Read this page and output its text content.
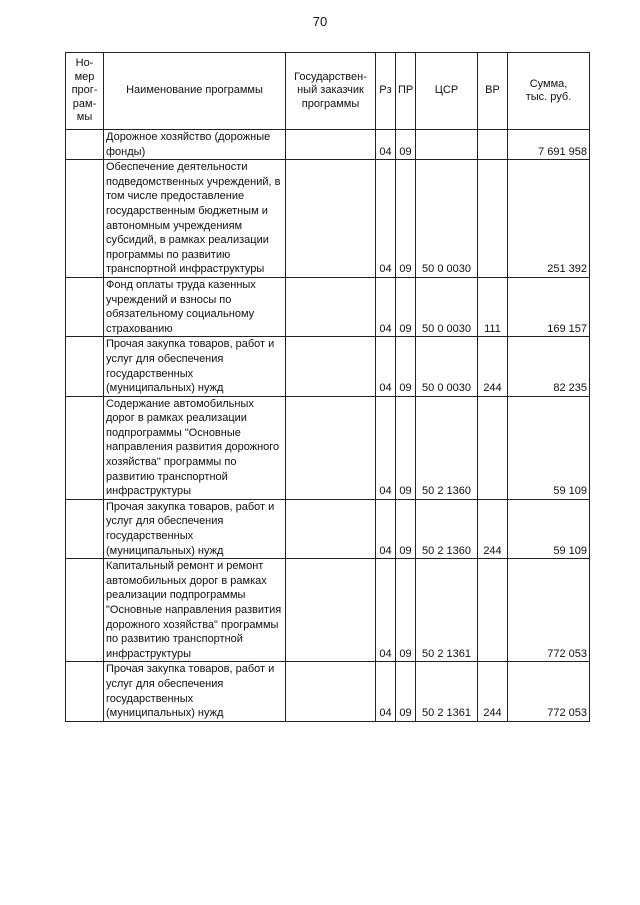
70
Но-
мер
прог-
рам-
мы	Наименование программы	Государствен-
ный заказчик
программы	Рз	ПР	ЦСР	ВР	Сумма,
тыс. руб.
	Дорожное хозяйство (дорожные фонды)		04	09			7 691 958
	Обеспечение деятельности подведомственных учреждений, в том числе предоставление государственным бюджетным и автономным учреждениям субсидий, в рамках реализации программы по развитию транспортной инфраструктуры		04	09	50 0 0030		251 392
	Фонд оплаты труда казенных учреждений и взносы по обязательному социальному страхованию		04	09	50 0 0030	111	169 157
	Прочая закупка товаров, работ и услуг для обеспечения государственных (муниципальных) нужд		04	09	50 0 0030	244	82 235
	Содержание автомобильных дорог в рамках реализации подпрограммы "Основные направления развития дорожного хозяйства" программы по развитию транспортной инфраструктуры		04	09	50 2 1360		59 109
	Прочая закупка товаров, работ и услуг для обеспечения государственных (муниципальных) нужд		04	09	50 2 1360	244	59 109
	Капитальный ремонт и ремонт автомобильных дорог в рамках реализации подпрограммы "Основные направления развития дорожного хозяйства" программы по развитию транспортной инфраструктуры		04	09	50 2 1361		772 053
	Прочая закупка товаров, работ и услуг для обеспечения государственных (муниципальных) нужд		04	09	50 2 1361	244	772 053
